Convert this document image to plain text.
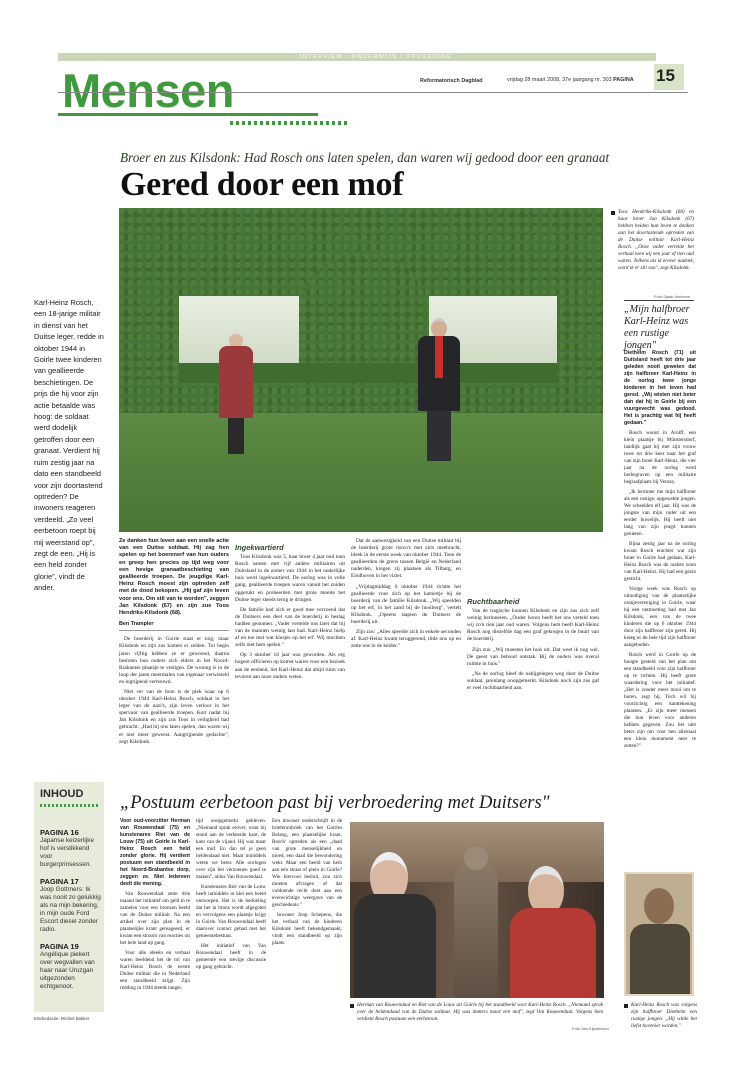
INTERVIEW / ONDERWIJS / OPVOEDING
Mensen	Reformatorisch Dagblad	vrijdag 28 maart 2008, 37e jaargang nr. 303 PAGINA 15
Broer en zus Kilsdonk: Had Rosch ons laten spelen, dan waren wij gedood door een granaat
Gered door een mof
Toos Hendriks-Kilsdonk (68) en haar broer Jan Kilsdonk (67) hebben beiden hun leven te danken aan het doortastende optreden van de Duitse militair Karl-Heinz Rosch. „Onze vader vertelde het verhaal toen wij een jaar of tien oud waren. Telkens als ik erover nadenk, word ik er stil van", zegt Kilsdonk.
Foto Sjaak Verboom
Karl-Heinz Rosch, een 18-jarige militair in dienst van het Duitse leger, redde in oktober 1944 in Goirle twee kinderen van geallieerde beschietingen. De prijs die hij voor zijn actie betaalde was hoog: de soldaat werd dodelijk getroffen door een granaat. Verdient hij ruim zestig jaar na dato een standbeeld voor zijn doortastend optreden? De inwoners reageren verdeeld. „Zo veel eerbetoon roept bij mij weerstand op", zegt de een. „Hij is een held zonder glorie", vindt de ander.

Ze danken hun leven aan een snelle actie van een Duitse soldaat. Hij zag hen spelen op het boerenerf van hun ouders en greep hen precies op tijd weg voor een hevige granaatbeschieting van geallieerde troepen. De jeugdige Karl-Heinz Rosch moest zijn optreden zelf met de dood bekopen. „Hij gaf zijn leven voor ons. Om stil van te worden", zeggen Jan Kilsdonk (67) en zijn zus Toos Hendriks-Kilsdonk (68).

Ben Trampler

De boerderij in Goirle staat er nog, maar Kilsdonk en zijn zus komen er zelden. Tot begin jaren vijftig hebben ze er gewoond, daarna besloten hun ouders zich elders in het Noord-Brabantse plaatsje te vestigen. De woning is in de loop der jaren meermalen van eigenaar verwisseld en ingrijpend verbouwd.

Niet ver van de bron is de plek waar op 6 oktober 1944 Karl-Heinz Rosch, soldaat in het leger van de nazi's, zijn leven verloor in het spervuur van geallieerde troepen. Kort nadat hij Jan Kilsdonk en zijn zus Toos in veiligheid had gebracht. „Had hij ons laten spelen, dan waren wij er niet meer geweest. Aangrijpende gedachte", zegt Kilsdonk.

Ingekwartierd

Toos Kilsdonk was 5, haar broer 4 jaar oud toen Rosch samen met vijf andere militairen uit Duitsland in de zomer van 1944 in het ouderlijke huis werd ingekwartierd. De oorlog was in volle gang, geallieerde troepen waren vanuit het zuiden opgerukt en probeerden met grote moeite het Duitse leger steeds terug te dringen.

De familie had zich er goed mee verzoend dat de Duitsers een deel van de boerderij in beslag hadden genomen. „Vader vertelde ons later dat hij van de mannen weinig last had. Karl-Heinz hielp af en toe met wat klusjes op het erf. Wij mochten zelfs met hem spelen."

Op 3 oktober 18 jaar was geworden. Als erg hogere officieren op komst waren voor een bezoek aan de eenheid, liet Karl-Heinz dat altijd ruim van tevoren aan onze ouders weten.

Dat de aanwezigheid van een Duitse militair bij de boerderij grote risico's met zich meebracht, bleek in de eerste week van oktober 1944. Toen de geallieerden de grens tussen België en Nederland naderden, kregen zij plaatsen als Tilburg, en Eindhoven in het vizier.

„Vrijdagmiddag 6 oktober 1944 richtte het geallieerde vuur zich op het kamertje bij de boerderij van de familie Kilsdonk. „Wij speelden op het erf, in het zand bij de hooiberg", vertelt Kilsdonk. „Opeens stapten de Duitsers de boerderij uit.

Zijn zus: „Alles speelde zich in enkele seconden af. Karl-Heinz kwam teruggerend, tilde ons op en zette ons in de kelder."

Ruchtbaarheid

Van de tragische kunnen Kilsdonk en zijn zus zich zelf weinig herinneren. „Ouder horen heeft het ons verteld toen wij zo'n tien jaar oud waren. Volgens hem heeft Karl-Heinz Rosch nog diezelfde dag een graf gekregen in de buurt van de boerderij.

Zijn zus: „Wij moesten het huis uit. Dat weet ik nog wel. De geest van behoud ontstak. Bij de ouders was overal ruimte in huis."

„Na de oorlog bleef de nabijgelegen weg door de Duitse soldaat, jarenlang onopgemerkt. Kilsdonk noch zijn zus gaf er veel ruchtbaarheid aan.

„Mijn halfbroer Karl-Heinz was een rustige jongen"

Diethelm Rosch (71) uit Duitsland heeft tot drie jaar geleden nooit geweten dat zijn halfbroer Karl-Heinz in de oorlog twee jonge kinderen in het leven had gered. „Wij wisten niet beter dan dat hij in Goirle bij een vuurgevecht was gedood. Het is prachtig wat hij heeft gedaan."

Rosch woont in Arolff, een klein plaatsje bij Münstersdorf, landlijk gaat hij met zijn vrouw twee tot drie keer naar het graf van zijn broer Karl-Heinz, die vier jaar na de oorlog werd herbegraven op een militaire begraafplaats bij Venray.

„Ik herinner me mijn halfbroer als een rustige, opgewekte jongen. We scheelden elf jaar. Hij was de jongste van mijn vader uit een eerder huwelijk. Hij heeft niet lang van zijn jeugd kunnen genieten.

Bijna zestig jaar na de oorlog kwam Rosch erachter wat zijn broer in Goirle had gedaan. Karl-Heinz Rosch was de oudste zoon van Karl-Heinz. Hij had een gezin gesticht.

Vorige week was Rosch op uitnodiging van de plaatselijke oranjevereniging in Goirle, waar hij een ontmoeting had met Jan Kilsdonk, een van de twee kinderen die op 6 oktober 1944 door zijn halfbroer zijn gered. Hij kreeg er de hele tijd zijn halfbroer aangeboden.

Rosch werd in Goirle op de hoogte gesteld van het plan om een standbeeld voor zijn halfbroer op te richten. Hij heeft grote waardering voor het initiatief. „Het is zonder meer mooi om te horen, zegt hij. Toch wil hij voorzichtig een kanttekening plaatsen. „Er zijn meer mensen die hun leven voor anderen hebben gegeven. Zou het niet beter zijn om voor hen allemaal een klein monument neer te zetten?"

INHOUD
PAGINA 16
Japanse keizerlijke hof is verstikkend voor burgerprinsessen.
PAGINA 17
Joop Gottmers: Ik was nooit zo gelukkig als na mijn bekering, in mijn oude Ford Escort diesel zonder radio.
PAGINA 19
Angélique piekert over wegvallen van haar naar Uruzgan uitgezonden echtgenoot.
Eindredactie: Michiel Bakker
„Postuum eerbetoon past bij verbroedering met Duitsers"

Voor oud-voorzitter Herman van Rouwendaal (75) en kunstenares Riet van de Louw (75) uit Goirle is Karl-Heinz Rosch een held zonder glorie. Hij verdient postuum een standbeeld in het Noord-Brabantse dorp, zeggen ze. Niet iedereen deelt die mening.

Van Rouwendaal zette drie maand het initiatief om geld in te zamelen voor een bronzen beeld van de Duitse militair. Na een artikel over zijn plan in de plaatselijke krant gereageerd, er kwam een stroom van reacties uit het hele land op gang.

Voor alle ideeën en verhaal waren beeldend het de rol van Karl-Heinz Rosch de eerste Duitse militair die in Nederland een standbeeld krijgt. Zijn redding in 1944 steeds langer.

tijd onopgemerkt gebleven. „Niemand sprak erover, want hij stond aan de verkeerde kant, de kant van de vijand. Hij was maar een mof. En dan tel je geen heldendaad niet. Maar inmiddels weten we beter. Alle oorlogen over zijn het verzoenen goed te maken", aldus Van Rouwendaal.

Kunstenares Riet van de Louw heeft inmiddels in klei een beeld ontworpen. Het is de bedoeling dat het in brons wordt afgegoten en vervolgens een plaatsje krijgt in Goirle. Van Rouwendaal heeft daarover contact gehad met het gemeentebestuur.

Het initiatief van Van Rouwendaal heeft in de gemeente een stevige discussie op gang gebracht.

Een inwoner onderschrijft in de briefenrubriek van het Goirles Belang, een plaatselijke krant, Rosch' optreden als een „daad van grote menselijkheid en moed, een daad die bewondering wekt. Maar een beeld van hem aan een straat of plein in Goirle? Wie hiervoor besluit, zou zich moeten afvragen of dat voldoende recht doet aan een evenwichtige weergave van de geschiedenis."

Inwoner Joop Schepens, die het verhaal van de kinderen Kilsdonk heeft bekendgemaakt, vindt een standbeeld op zijn plaats.

Herman van Rouwendaal en Riet van de Louw uit Goirle bij het standbeeld voor Karl-Heinz Rosch. „Niemand sprak over de heldendaad van de Duitse soldaat. Hij was immers maar een mof", zegt Van Rouwendaal. Volgens hem verdient Rosch postuum een eerbetoon.
Foto Van Eijndhoven
Karl-Heinz Rosch was volgens zijn halfbroer Diethelm een rustige jongen. „Hij wilde het liefst hovenier worden."
